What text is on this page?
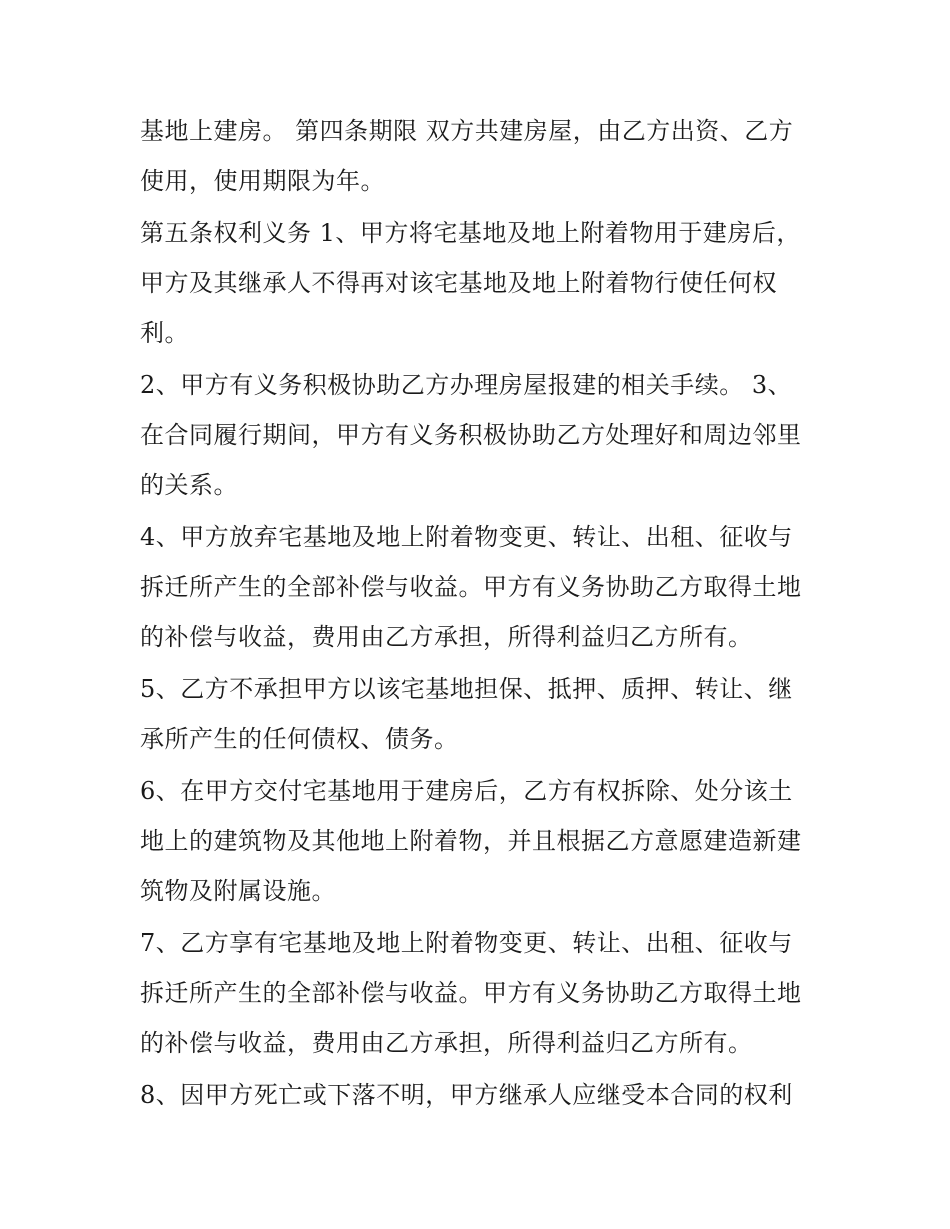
基地上建房。 第四条期限 双方共建房屋，由乙方出资、乙方
使用，使用期限为年。

第五条权利义务 1、甲方将宅基地及地上附着物用于建房后，
甲方及其继承人不得再对该宅基地及地上附着物行使任何权
利。

2、甲方有义务积极协助乙方办理房屋报建的相关手续。 3、
在合同履行期间，甲方有义务积极协助乙方处理好和周边邻里
的关系。

4、甲方放弃宅基地及地上附着物变更、转让、出租、征收与
拆迁所产生的全部补偿与收益。甲方有义务协助乙方取得土地
的补偿与收益，费用由乙方承担，所得利益归乙方所有。

5、乙方不承担甲方以该宅基地担保、抵押、质押、转让、继
承所产生的任何债权、债务。

6、在甲方交付宅基地用于建房后，乙方有权拆除、处分该土
地上的建筑物及其他地上附着物，并且根据乙方意愿建造新建
筑物及附属设施。

7、乙方享有宅基地及地上附着物变更、转让、出租、征收与
拆迁所产生的全部补偿与收益。甲方有义务协助乙方取得土地
的补偿与收益，费用由乙方承担，所得利益归乙方所有。

8、因甲方死亡或下落不明，甲方继承人应继受本合同的权利
